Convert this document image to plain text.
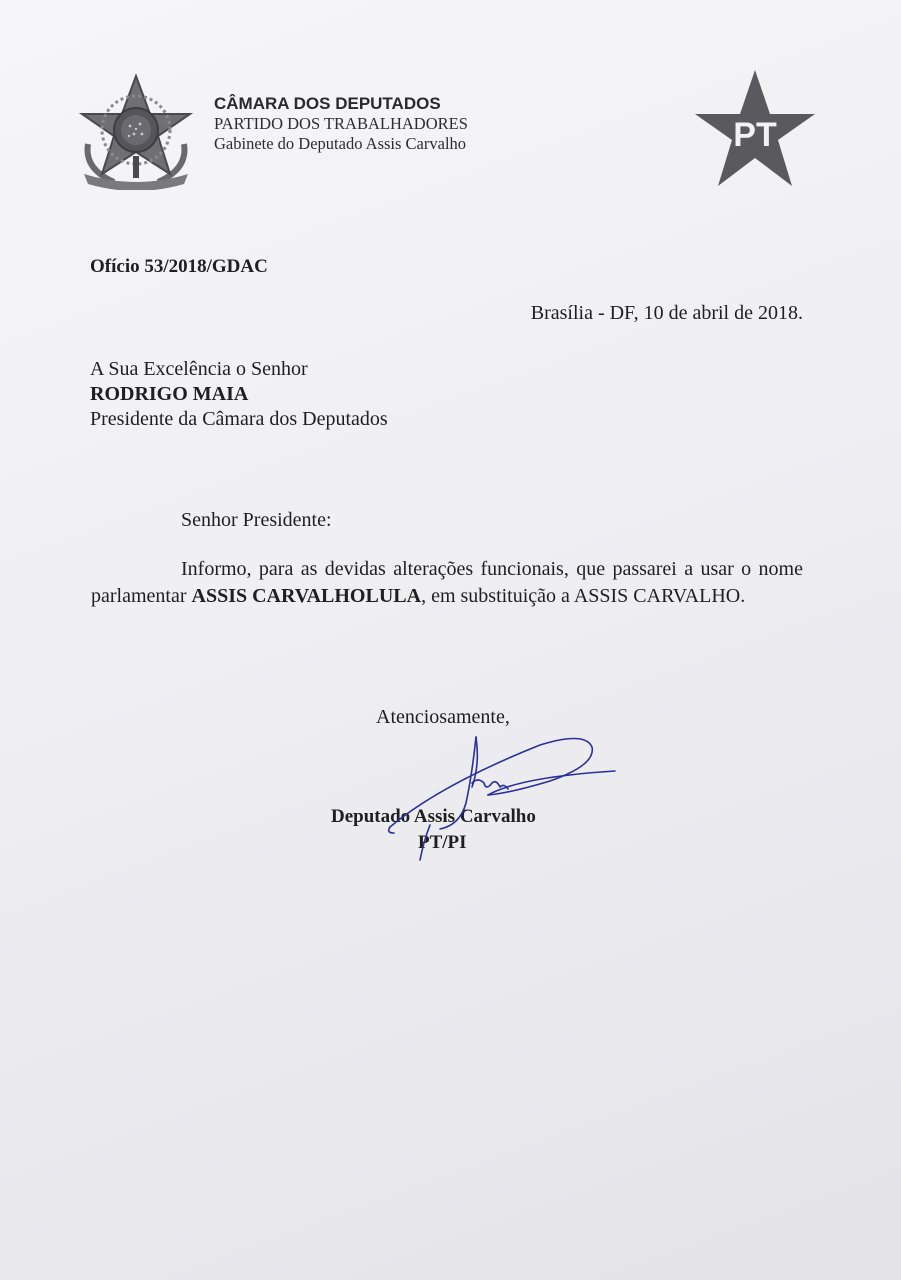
CÂMARA DOS DEPUTADOS
PARTIDO DOS TRABALHADORES
Gabinete do Deputado Assis Carvalho	PT
Ofício 53/2018/GDAC
Brasília - DF, 10 de abril de 2018.
A Sua Excelência o Senhor
RODRIGO MAIA
Presidente da Câmara dos Deputados
Senhor Presidente:
Informo, para as devidas alterações funcionais, que passarei a usar o nome parlamentar ASSIS CARVALHOLULA, em substituição a ASSIS CARVALHO.
Atenciosamente,
Deputado Assis Carvalho
PT/PI
